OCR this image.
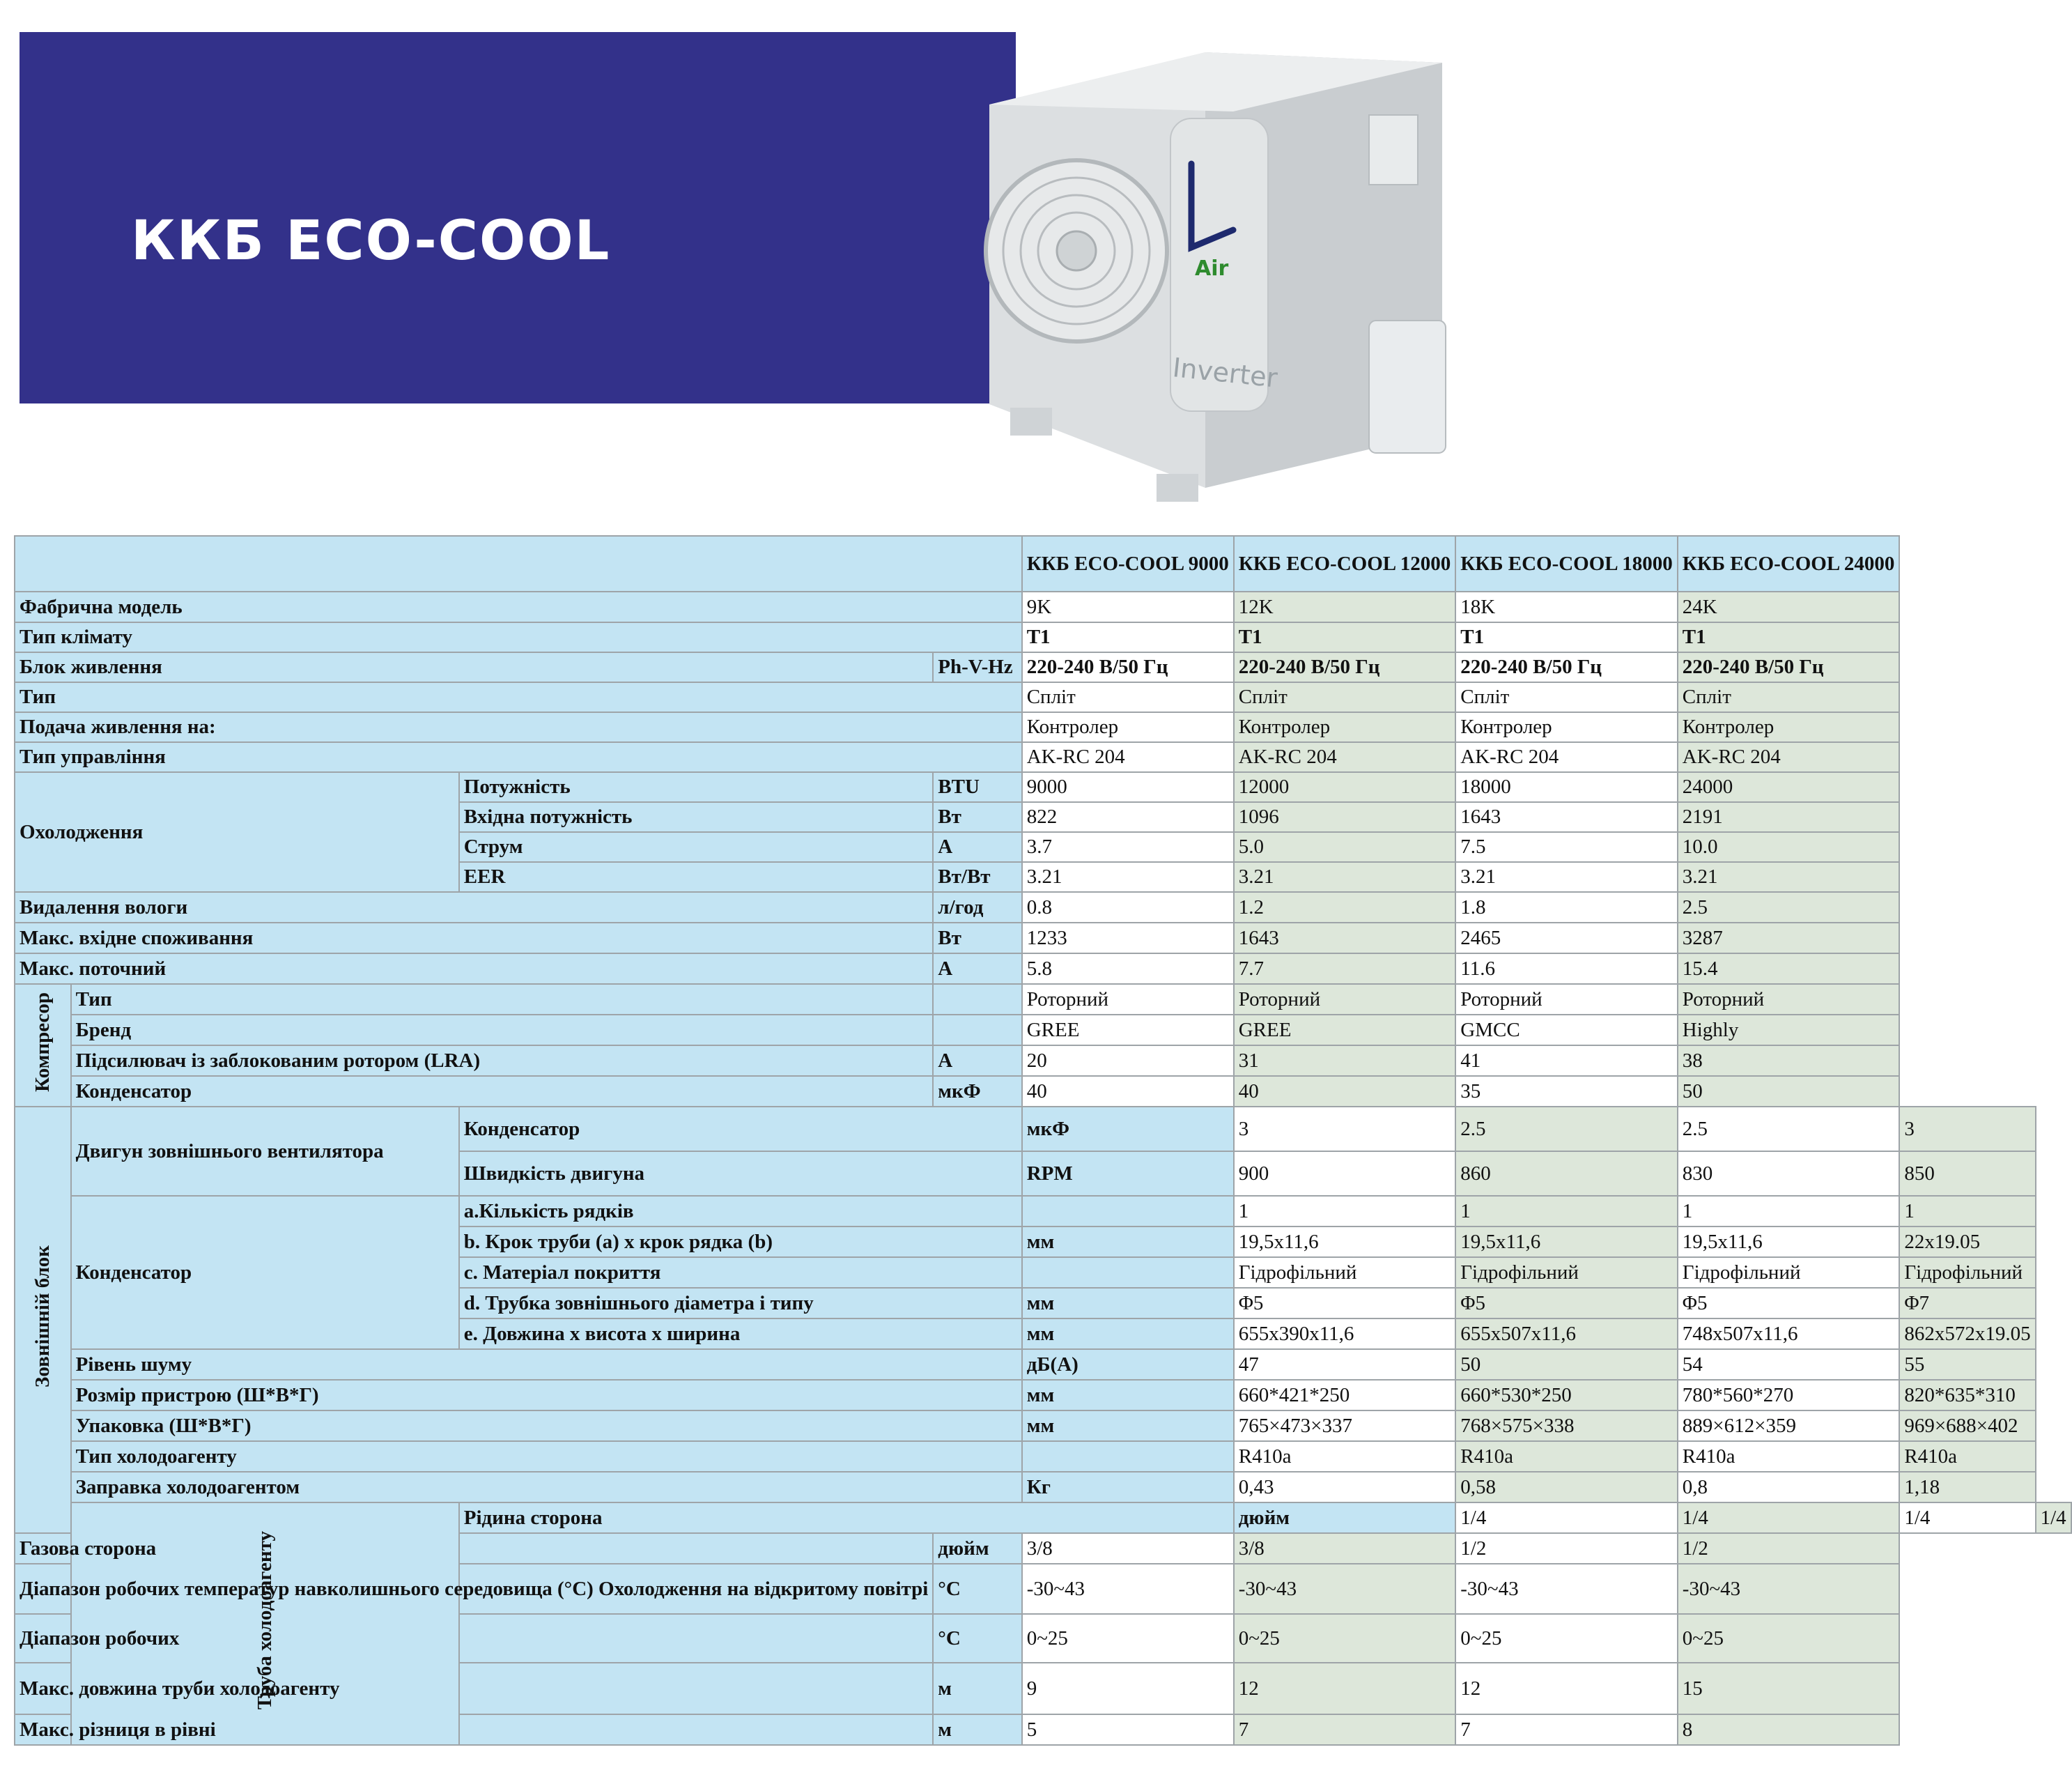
ККБ ECO-COOL	Air
Inverter
				ККБ ECO-COOL 9000	ККБ ECO-COOL 12000	ККБ ECO-COOL 18000	ККБ ECO-COOL 24000		
Фабрична модель				9K	12K	18K	24K		
Тип клімату				T1	T1	T1	T1		
Блок живлення			Ph-V-Hz	220-240 В/50 Гц	220-240 В/50 Гц	220-240 В/50 Гц	220-240 В/50 Гц		
Тип				Спліт	Спліт	Спліт	Спліт		
Подача живлення на:				Контролер	Контролер	Контролер	Контролер		
Тип управління				AK-RC 204	AK-RC 204	AK-RC 204	AK-RC 204		
Охолодження		Потужність	BTU	9000	12000	18000	24000		
		Вхідна потужність	Вт	822	1096	1643	2191		
		Струм	А	3.7	5.0	7.5	10.0		
		EER	Вт/Вт	3.21	3.21	3.21	3.21		
Видалення вологи			л/год	0.8	1.2	1.8	2.5		
Макс. вхідне споживання			Вт	1233	1643	2465	3287		
Макс. поточний			А	5.8	7.7	11.6	15.4		
Компресор	Тип			Роторний	Роторний	Роторний	Роторний		
	Бренд			GREE	GREE	GMCC	Highly		
	Підсилювач із заблокованим ротором (LRA)		А	20	31	41	38		
	Конденсатор		мкФ	40	40	35	50		
Зовнішній блок	Двигун зовнішнього вентилятора	Конденсатор		мкФ	3	2.5	2.5	3	
		Швидкість двигуна		RPM	900	860	830	850	
	Конденсатор	a.Кількість рядків			1	1	1	1	
		b. Крок труби (a) x крок рядка (b)		мм	19,5x11,6	19,5x11,6	19,5x11,6	22x19.05	
		c. Матеріал покриття			Гідрофільний	Гідрофільний	Гідрофільний	Гідрофільний	
		d. Трубка зовнішнього діаметра і типу		мм	Φ5	Φ5	Φ5	Φ7	
		e. Довжина x висота x ширина		мм	655x390x11,6	655x507x11,6	748x507x11,6	862x572x19.05	
	Рівень шуму			дБ(А)	47	50	54	55	
	Розмір пристрою (Ш*В*Г)			мм	660*421*250	660*530*250	780*560*270	820*635*310	
	Упаковка (Ш*В*Г)			мм	765×473×337	768×575×338	889×612×359	969×688×402	
	Тип холодоагенту				R410a	R410a	R410a	R410a	
	Заправка холодоагентом			Кг	0,43	0,58	0,8	1,18	
	Труба холодоагенту	Рідина сторона			дюйм	1/4	1/4	1/4	1/4
Газова сторона			дюйм	3/8	3/8	1/2	1/2		
Діапазон робочих температур навколишнього середовища (°C) Охолодження на відкритому повітрі			°C	-30~43	-30~43	-30~43	-30~43		
Діапазон робочих			°C	0~25	0~25	0~25	0~25		
Макс. довжина труби холодоагенту			м	9	12	12	15		
Макс. різниця в рівні			м	5	7	7	8		
